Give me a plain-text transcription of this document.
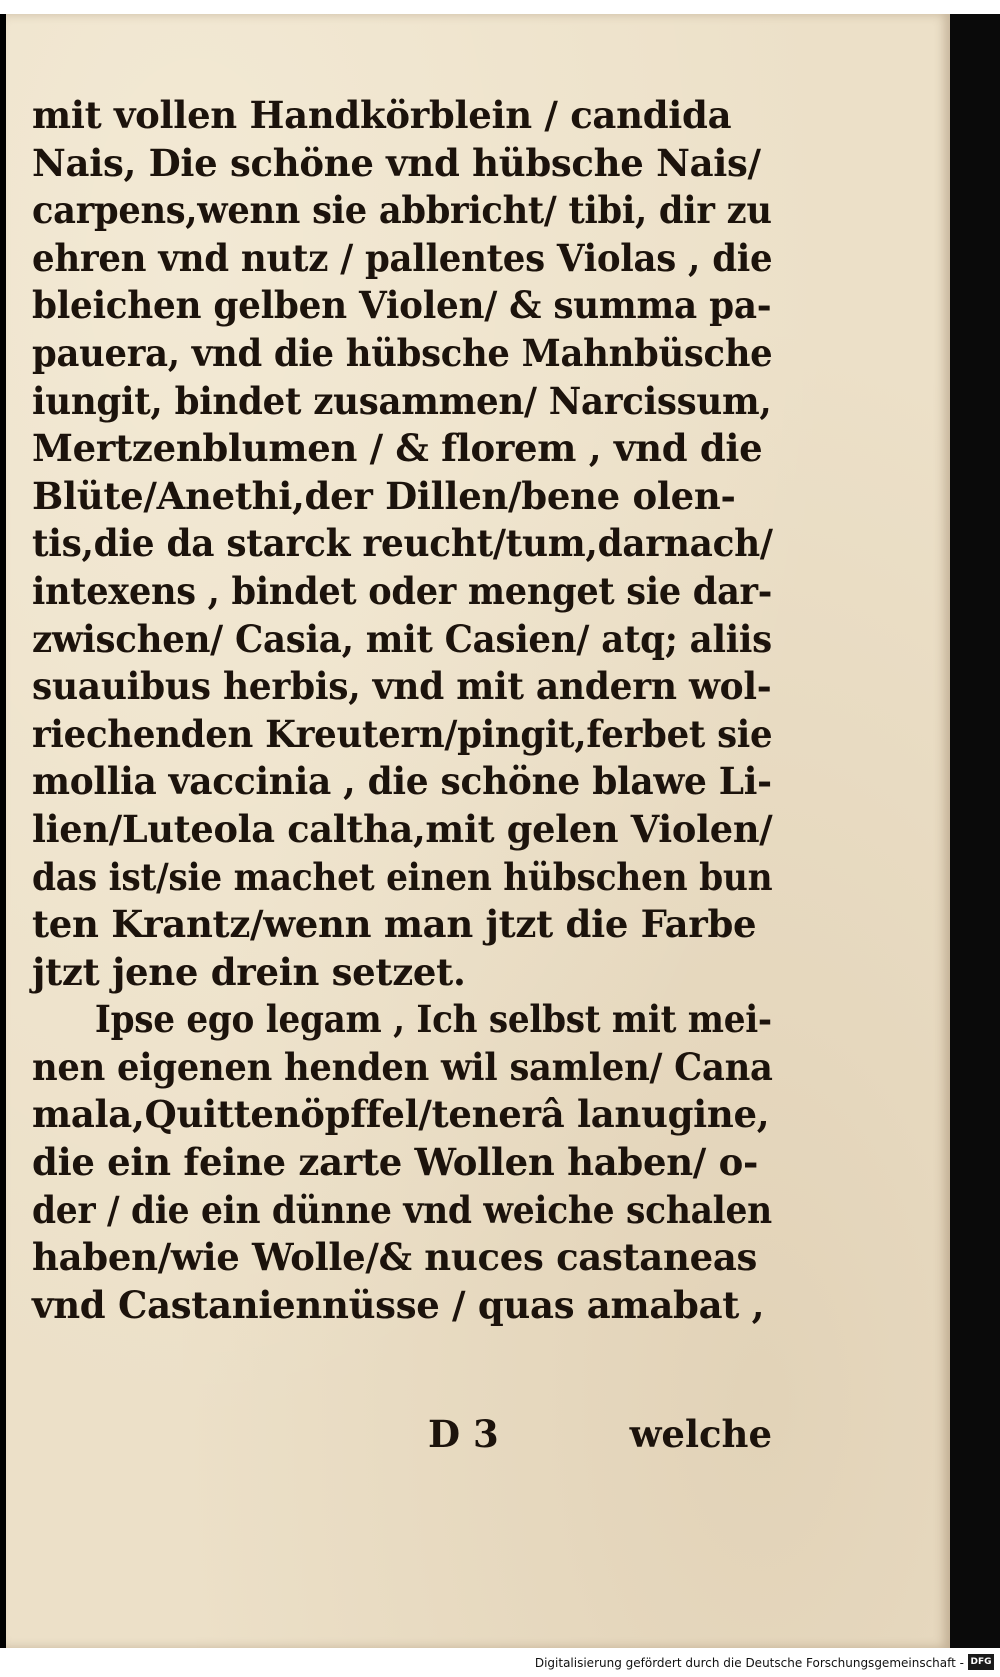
mit vollen Handkörblein / candida
Nais, Die schöne vnd hübsche Nais/
carpens,wenn sie abbricht/ tibi, dir zu
ehren vnd nutz / pallentes Violas , die
bleichen gelben Violen/ & summa pa-
pauera, vnd die hübsche Mahnbüsche
iungit, bindet zusammen/ Narcissum,
Mertzenblumen / & florem , vnd die
Blüte/Anethi,der Dillen/bene olen-
tis,die da starck reucht/tum,darnach/
intexens , bindet oder menget sie dar-
zwischen/ Casia, mit Casien/ atq; aliis
suauibus herbis, vnd mit andern wol-
riechenden Kreutern/pingit,ferbet sie
mollia vaccinia , die schöne blawe Li-
lien/Luteola caltha,mit gelen Violen/
das ist/sie machet einen hübschen bun
ten Krantz/wenn man jtzt die Farbe
jtzt jene drein setzet.
Ipse ego legam , Ich selbst mit mei-
nen eigenen henden wil samlen/ Cana
mala,Quittenöpffel/tenerâ lanugine,
die ein feine zarte Wollen haben/ o-
der / die ein dünne vnd weiche schalen
haben/wie Wolle/& nuces castaneas
vnd Castaniennüsse / quas amabat ,
D 3	welche
Digitalisierung gefördert durch die Deutsche Forschungsgemeinschaft - DFG
